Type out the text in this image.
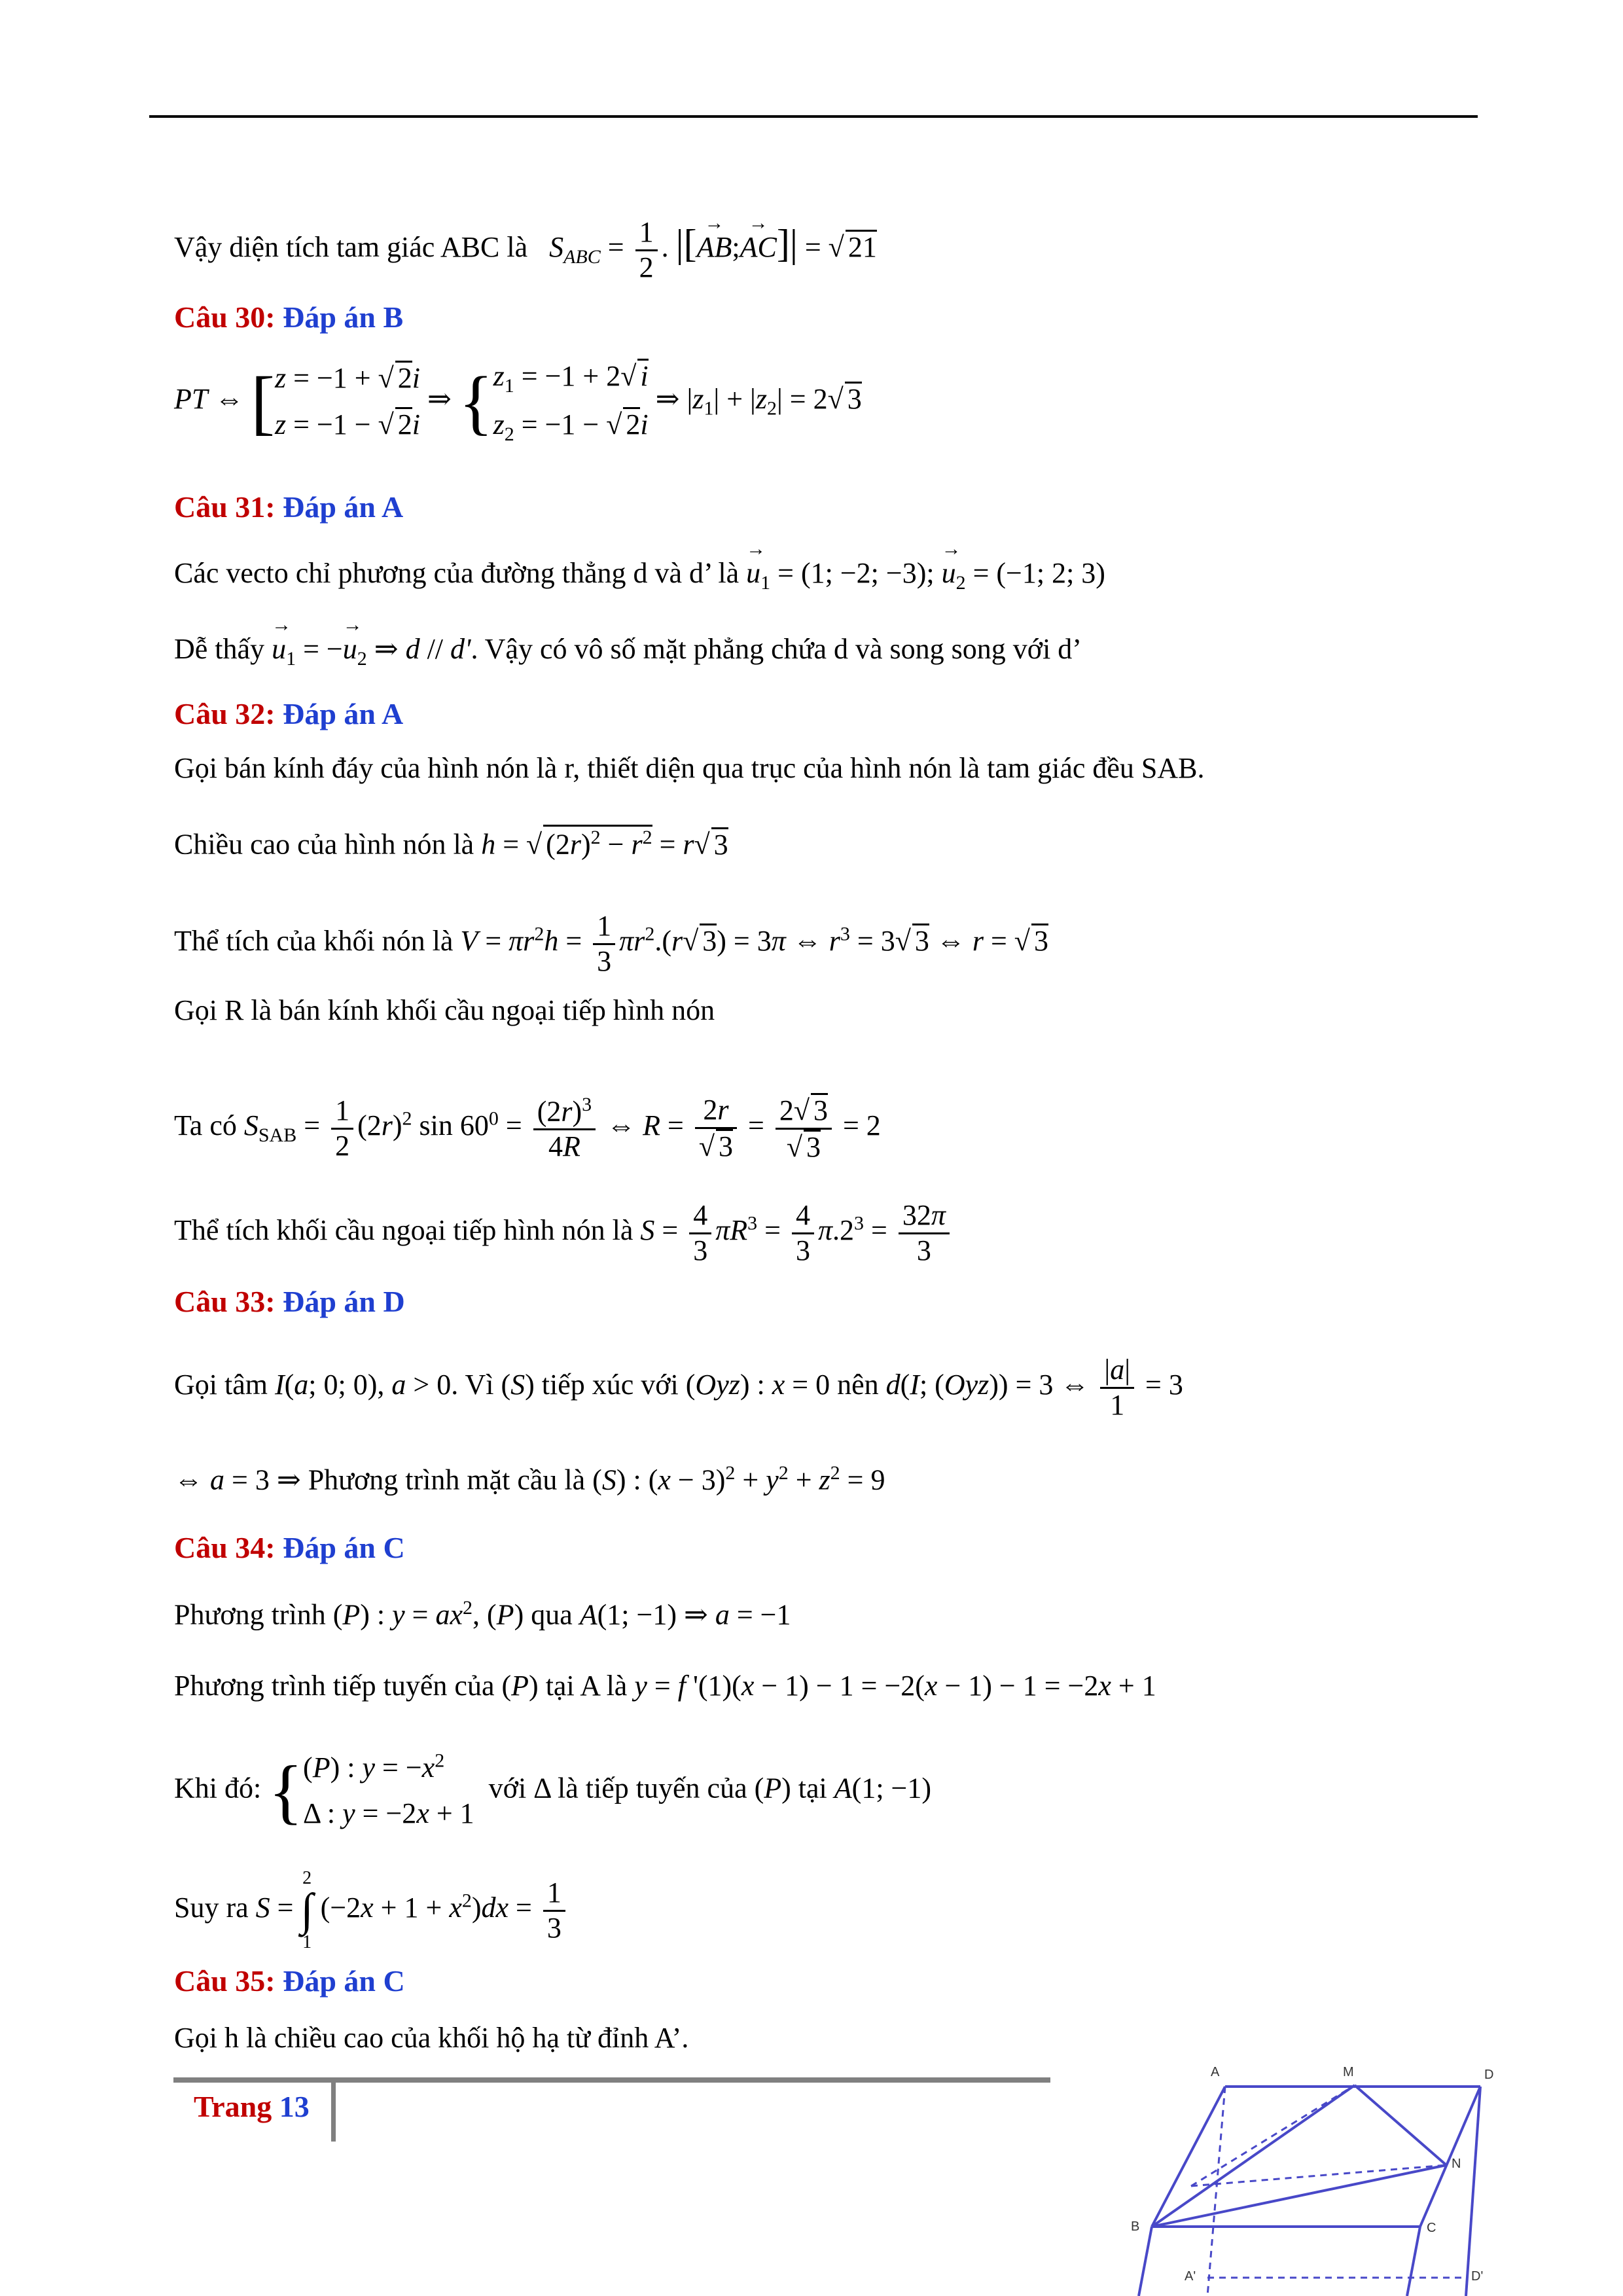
Vậy diện tích tam giác ABC là   $S_{ABC} = \frac{1}{2}$ . |[→ AB;→ AC]| = √ 21
Câu 30: Đáp án B
PT ⇔ [ z = −1 + √ 2i
z = −1 − √ 2i
⇒ { $z_1 = -1 + 2√$ i
$z_2 = -1$ − √ 2i
⇒ $|z_1| + |z_2| = 2√$ 3
Câu 31: Đáp án A
Các vecto chỉ phương của đường thẳng d và d’ là → $u_1 = (1$; −2; −3); → $u_2 = (-1$; 2; 3)
Dễ thấy → $u_1$ = −→ $u_2$ ⇒ d // d'. Vậy có vô số mặt phẳng chứa d và song song với d’
Câu 32: Đáp án A
Gọi bán kính đáy của hình nón là r, thiết diện qua trục của hình nón là tam giác đều SAB.
Chiều cao của hình nón là h = √ $(2r)^2 - r^2 = r√$ 3
Thể tích của khối nón là $V = \pi r^2h = \frac{1}{3} \pi r^2.(r√$ 3) = 3π ⇔ $r^3 = 3√$ 3 ⇔ r = √ 3
Gọi R là bán kính khối cầu ngoại tiếp hình nón
Ta có $S_{SAB} = \frac{1}{2} (2r)^2$ $\sin 60^0 = \frac{(2r)^3}{4R}$ ⇔ $R = \frac{2r}{√ 3} = \frac{2√ 3}{√ 3} = 2$
Thể tích khối cầu ngoại tiếp hình nón là $S = \frac{4}{3} \pi R^3 = \frac{4}{3} \pi.2^3 = \frac{32\pi}{3}$
Câu 33: Đáp án D
Gọi tâm I(a; 0; 0), a > 0. Vì (S) tiếp xúc với (Oyz) : x = 0 nên d(I; (Oyz)) = 3 ⇔ $\frac{|a|}{1} = 3$
⇔ a = 3 ⇒ Phương trình mặt cầu là (S) : $(x - 3)^2 + y^2 + z^2 = 9$
Câu 34: Đáp án C
Phương trình (P) : $y = ax^2$, (P) qua A(1; −1) ⇒ a = −1
Phương trình tiếp tuyến của (P) tại A là y = f '(1)(x − 1) − 1 = −2(x − 1) − 1 = −2x + 1
Khi đó: { (P) : $y = -x^2$
Δ : y = −2x + 1
với Δ là tiếp tuyến của (P) tại A(1; −1)
Suy ra S =
2
∫
1
$(-2x + 1 + x^2)dx = \frac{1}{3}$
Câu 35: Đáp án C
Gọi h là chiều cao của khối hộ hạ từ đỉnh A’.
A	M	D
N
B	C
A'	D'
Trang 13
